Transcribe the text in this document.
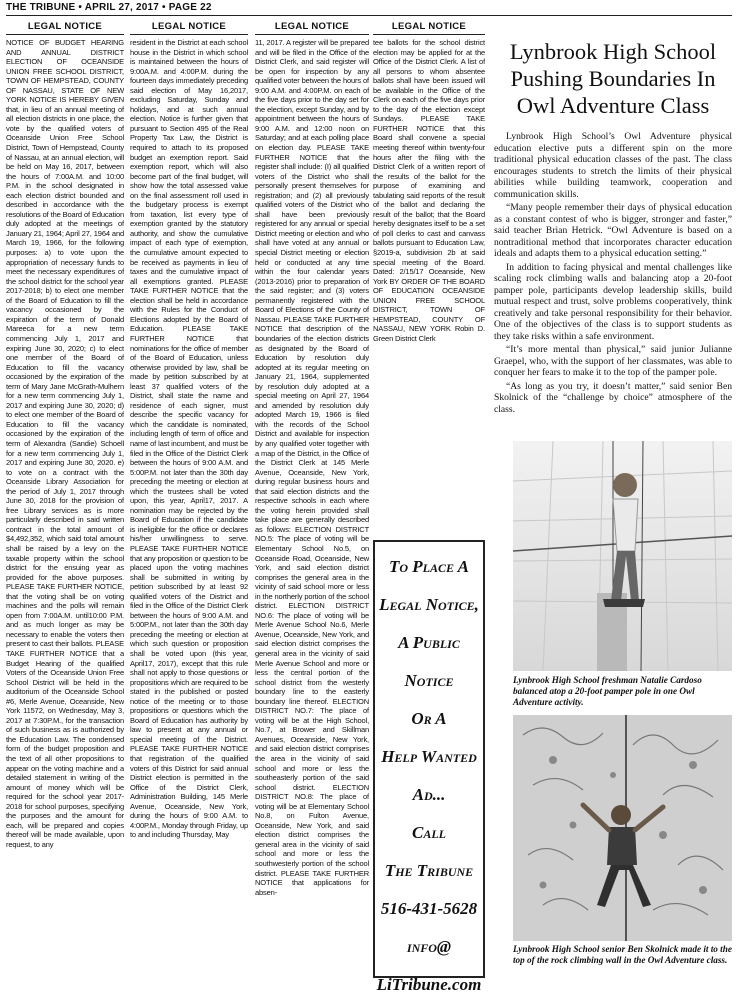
THE TRIBUNE • APRIL 27, 2017 • PAGE 22
LEGAL NOTICE

NOTICE OF BUDGET HEARING AND ANNUAL DISTRICT ELECTION OF OCEANSIDE UNION FREE SCHOOL DISTRICT, TOWN OF HEMPSTEAD, COUNTY OF NASSAU, STATE OF NEW YORK NOTICE IS HEREBY GIVEN that, in lieu of an annual meeting of all election districts in one place, the vote by the qualified voters of Oceanside Union Free School District, Town of Hempstead, County of Nassau, at an annual election, will be held on May 16, 2017, between the hours of 7:00A.M. and 10:00 P.M. in the school designated in each election district bounded and described in accordance with the resolutions of the Board of Education duly adopted at the meetings of January 21, 1964; April 27, 1964 and March 19, 1966, for the following purposes: a) to vote upon the appropriation of necessary funds to meet the necessary expenditures of the school district for the school year 2017-2018; b) to elect one member of the Board of Education to fill the vacancy occasioned by the expiration of the term of Donald Mareeca for a new term commencing July 1, 2017 and expiring June 30, 2020; c) to elect one member of the Board of Education to fill the vacancy occasioned by the expiration of the term of Mary Jane McGrath-Mulhern for a new term commencing July 1, 2017 and expiring June 30, 2020; d) to elect one member of the Board of Education to fill the vacancy occasioned by the expiration of the term of Alexandra (Sandie) Schoell for a new term commencing July 1, 2017 and expiring June 30, 2020. e) to vote on a contract with the Oceanside Library Association for the period of July 1, 2017 through June 30, 2018 for the provision of free Library services as is more particularly described in said written contract in the total amount of $4,492,352, which said total amount shall be raised by a levy on the taxable property within the school district for the ensuing year as provided for the above purposes. PLEASE TAKE FURTHER NOTICE, that the voting shall be on voting machines and the polls will remain open from 7:00A.M. until10:00 P.M. and as much longer as may be necessary to enable the voters then present to cast their ballots. PLEASE TAKE FURTHER NOTICE that a Budget Hearing of the qualified Voters of the Oceanside Union Free School District will be held in the auditorium of the Oceanside School #6, Merle Avenue, Oceanside, New York 11572, on Wednesday, May 3, 2017 at 7:30P.M., for the transaction of such business as is authorized by the Education Law. The condensed form of the budget proposition and the text of all other propositions to appear on the voting machine and a detailed statement in writing of the amount of money which will be required for the school year 2017-2018 for school purposes, specifying the purposes and the amount for each, will be prepared and copies thereof will be made available, upon request, to any

LEGAL NOTICE

resident in the District at each school house in the District in which school is maintained between the hours of 9:00A.M. and 4:00P.M. during the fourteen days immediately preceding said election of May 16,2017, excluding Saturday, Sunday and holidays, and at such annual election. Notice is further given that pursuant to Section 495 of the Real Property Tax Law, the District is required to attach to its proposed budget an exemption report. Said exemption report, which will also become part of the final budget, will show how the total assessed value on the final assessment roll used in the budgetary process is exempt from taxation, list every type of exemption granted by the statutory authority, and show the cumulative impact of each type of exemption, the cumulative amount expected to be received as payments in lieu of taxes and the cumulative impact of all exemptions granted. PLEASE TAKE FURTHER NOTICE that the election shall be held in accordance with the Rules for the Conduct of Elections adopted by the Board of Education. PLEASE TAKE FURTHER NOTICE that nominations for the office of member of the Board of Education, unless otherwise provided by law, shall be made by petition subscribed by at least 37 qualified voters of the District, shall state the name and residence of each signer, must describe the specific vacancy for which the candidate is nominated, including length of term of office and name of last incumbent, and must be filed in the Office of the District Clerk between the hours of 9:00 A.M. and 5:00P.M. not later than the 30th day preceding the meeting or election at which the trustees shall be voted upon, this year, April17, 2017. A nomination may be rejected by the Board of Education if the candidate is ineligible for the office or declares his/her unwillingness to serve. PLEASE TAKE FURTHER NOTICE that any proposition or question to be placed upon the voting machines shall be submitted in writing by petition subscribed by at least 92 qualified voters of the District and filed in the Office of the District Clerk between the hours of 9:00 A.M. and 5:00P.M., not later than the 30th day preceding the meeting or election at which such question or proposition shall be voted upon (this year, April17, 2017), except that this rule shall not apply to those questions or propositions which are required to be stated in the published or posted notice of the meeting or to those propositions or questions which the Board of Education has authority by law to present at any annual or special meeting of the District. PLEASE TAKE FURTHER NOTICE that registration of the qualified voters of this District for said annual District election is permitted in the Office of the District Clerk, Administration Building, 145 Merle Avenue, Oceanside, New York, during the hours of 9:00 A.M. to 4:00P.M., Monday through Friday, up to and including Thursday, May

LEGAL NOTICE

11, 2017. A register will be prepared and will be filed in the Office of the District Clerk, and said register will be open for inspection by any qualified voter between the hours of 9:00 A.M. and 4:00P.M. on each of the five days prior to the day set for the election, except Sunday, and by appointment between the hours of 9:00 A.M. and 12:00 noon on Saturday; and at each polling place on election day. PLEASE TAKE FURTHER NOTICE that the register shall include: (I) all qualified voters of the District who shall personally present themselves for registration; and (2) all previously qualified voters of the District who shall have been previously registered for any annual or special District meeting or election and who shall have voted at any annual or special District meeting or election held or conducted at any time within the four calendar years (2013-2016) prior to preparation of the said register; and (3) voters permanently registered with the Board of Elections of the County of Nassau. PLEASE TAKE FURTHER NOTICE that description of the boundaries of the election districts as designated by the Board of Education by resolution duly adopted at its regular meeting on January 21, 1964, supplemented by resolution duly adopted at a special meeting on April 27, 1964 and amended by resolution duly adopted March 19, 1966 is filed with the records of the School District and available for inspection by any qualified voter together with a map of the District, in the Office of the District Clerk at 145 Merle Avenue, Oceanside, New York, during regular business hours and that said election districts and the respective schools in each where the voting herein provided shall take place are generally described as follows: ELECTION DISTRICT NO.5: The place of voting will be Elementary School No.5, on Oceanside Road, Oceanside, New York, and said election district comprises the general area in the vicinity of said school more or less in the northerly portion of the school district. ELECTION DISTRICT NO.6: The place of voting will be Merle Avenue School No.6, Merle Avenue, Oceanside, New York, and said election district comprises the general area in the vicinity of said Merle Avenue School and more or less the central portion of the school district from the westerly boundary line to the easterly boundary line thereof. ELECTION DISTRICT NO.7: The place of voting will be at the High School, No.7, at Brower and Skillman Avenues, Oceanside, New York, and said election district comprises the area in the vicinity of said school and more or less the southeasterly portion of the said school district. ELECTION DISTRICT NO.8: The place of voting will be at Elementary School No.8, on Fulton Avenue, Oceanside, New York, and said election district comprises the general area in the vicinity of said school and more or less the southwesterly portion of the school district. PLEASE TAKE FURTHER NOTICE that applications for absen-

LEGAL NOTICE

tee ballots for the school district election may be applied for at the Office of the District Clerk. A list of all persons to whom absentee ballots shall have been issued will be available in the Office of the Clerk on each of the five days prior to the day of the election except Sundays. PLEASE TAKE FURTHER NOTICE that this Board shall convene a special meeting thereof within twenty-four hours after the filing with the District Clerk of a written report of the results of the ballot for the purpose of examining and tabulating said reports of the result of the ballot and declaring the result of the ballot; that the Board hereby designates itself to be a set of poll clerks to cast and canvass ballots pursuant to Education Law, §2019-a, subdivision 2b at said special meeting of the Board. Dated: 2/15/17 Oceanside, New York BY ORDER OF THE BOARD OF EDUCATION OCEANSIDE UNION FREE SCHOOL DISTRICT, TOWN OF HEMPSTEAD, COUNTY OF NASSAU, NEW YORK Robin D. Green District Clerk

To Place A
Legal Notice,
A Public
Notice
Or A
Help Wanted
Ad...
Call
The Tribune
516-431-5628
info@
LiTribune.com
Lynbrook High School Pushing Boundaries In Owl Adventure Class

Lynbrook High School’s Owl Adventure physical education elective puts a different spin on the more traditional physical education classes of the past. The class encourages students to stretch the limits of their physical abilities while building teamwork, cooperation and communication skills.

“Many people remember their days of physical education as a constant contest of who is bigger, stronger and faster,” said teacher Brian Hetrick. “Owl Adventure is based on a nontraditional method that incorporates character education ideals and adapts them to a physical education setting.”

In addition to facing physical and mental challenges like scaling rock climbing walls and balancing atop a 20-foot pamper pole, participants develop leadership skills, build mutual respect and trust, solve problems cooperatively, think creatively and take personal responsibility for their behavior. One of the objectives of the class is to support students as they take risks within a safe environment.

“It’s more mental than physical,” said junior Julianne Graepel, who, with the support of her classmates, was able to conquer her fears to make it to the top of the pamper pole.

“As long as you try, it doesn’t matter,” said senior Ben Skolnick of the “challenge by choice” atmosphere of the class.

Lynbrook High School freshman Natalie Cardoso balanced atop a 20-foot pamper pole in one Owl Adventure activity.
Lynbrook High School senior Ben Skolnick made it to the top of the rock climbing wall in the Owl Adventure class.
